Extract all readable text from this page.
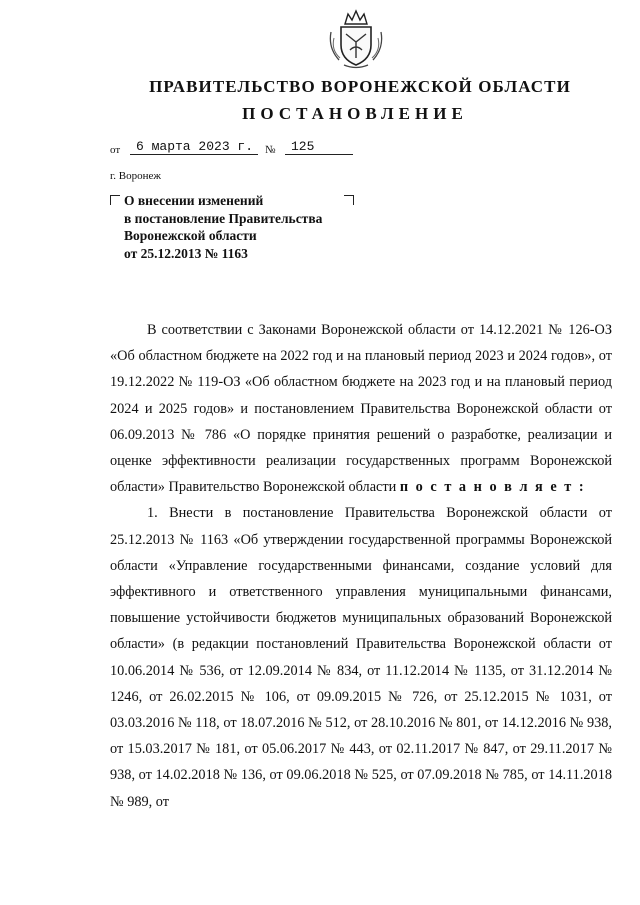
ПРАВИТЕЛЬСТВО ВОРОНЕЖСКОЙ ОБЛАСТИ
ПОСТАНОВЛЕНИЕ
от	6 марта 2023 г.	№	125
г. Воронеж
О внесении изменений
в постановление Правительства
Воронежской области
от 25.12.2013 № 1163

В соответствии с Законами Воронежской области от 14.12.2021 № 126-ОЗ «Об областном бюджете на 2022 год и на плановый период 2023 и 2024 годов», от 19.12.2022 № 119-ОЗ «Об областном бюджете на 2023 год и на плановый период 2024 и 2025 годов» и постановлением Правительства Воронежской области от 06.09.2013 № 786 «О порядке принятия решений о разработке, реализации и оценке эффективности реализации государственных программ Воронежской области» Правительство Воронежской области п о с т а н о в л я е т :

1. Внести в постановление Правительства Воронежской области от 25.12.2013 № 1163 «Об утверждении государственной программы Воронежской области «Управление государственными финансами, создание условий для эффективного и ответственного управления муниципальными финансами, повышение устойчивости бюджетов муниципальных образований Воронежской области» (в редакции постановлений Правительства Воронежской области от 10.06.2014 № 536, от 12.09.2014 № 834, от 11.12.2014 № 1135, от 31.12.2014 № 1246, от 26.02.2015 № 106, от 09.09.2015 № 726, от 25.12.2015 № 1031, от 03.03.2016 № 118, от 18.07.2016 № 512, от 28.10.2016 № 801, от 14.12.2016 № 938, от 15.03.2017 № 181, от 05.06.2017 № 443, от 02.11.2017 № 847, от 29.11.2017 № 938, от 14.02.2018 № 136, от 09.06.2018 № 525, от 07.09.2018 № 785, от 14.11.2018 № 989, от
